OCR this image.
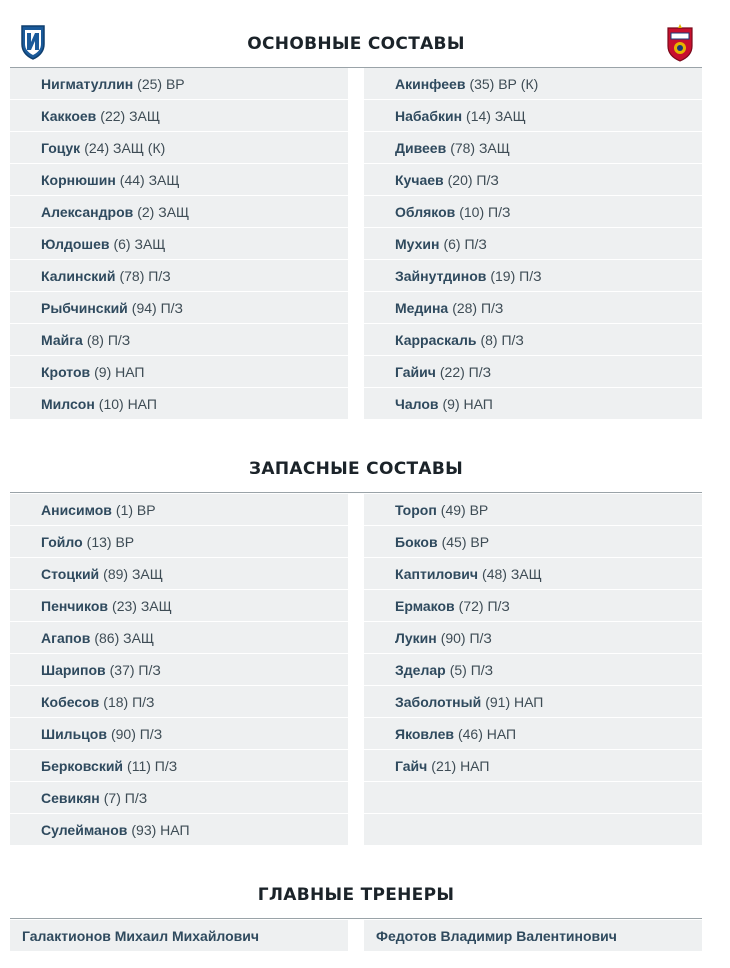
ОСНОВНЫЕ СОСТАВЫ
Нигматуллин (25) ВР
Каккоев (22) ЗАЩ
Гоцук (24) ЗАЩ (К)
Корнюшин (44) ЗАЩ
Александров (2) ЗАЩ
Юлдошев (6) ЗАЩ
Калинский (78) П/З
Рыбчинский (94) П/З
Майга (8) П/З
Кротов (9) НАП
Милсон (10) НАП
Акинфеев (35) ВР (К)
Набабкин (14) ЗАЩ
Дивеев (78) ЗАЩ
Кучаев (20) П/З
Обляков (10) П/З
Мухин (6) П/З
Зайнутдинов (19) П/З
Медина (28) П/З
Карраскаль (8) П/З
Гайич (22) П/З
Чалов (9) НАП
ЗАПАСНЫЕ СОСТАВЫ
Анисимов (1) ВР
Гойло (13) ВР
Стоцкий (89) ЗАЩ
Пенчиков (23) ЗАЩ
Агапов (86) ЗАЩ
Шарипов (37) П/З
Кобесов (18) П/З
Шильцов (90) П/З
Берковский (11) П/З
Севикян (7) П/З
Сулейманов (93) НАП
Тороп (49) ВР
Боков (45) ВР
Каптилович (48) ЗАЩ
Ермаков (72) П/З
Лукин (90) П/З
Зделар (5) П/З
Заболотный (91) НАП
Яковлев (46) НАП
Гайч (21) НАП
ГЛАВНЫЕ ТРЕНЕРЫ
Галактионов Михаил Михайлович	Федотов Владимир Валентинович
